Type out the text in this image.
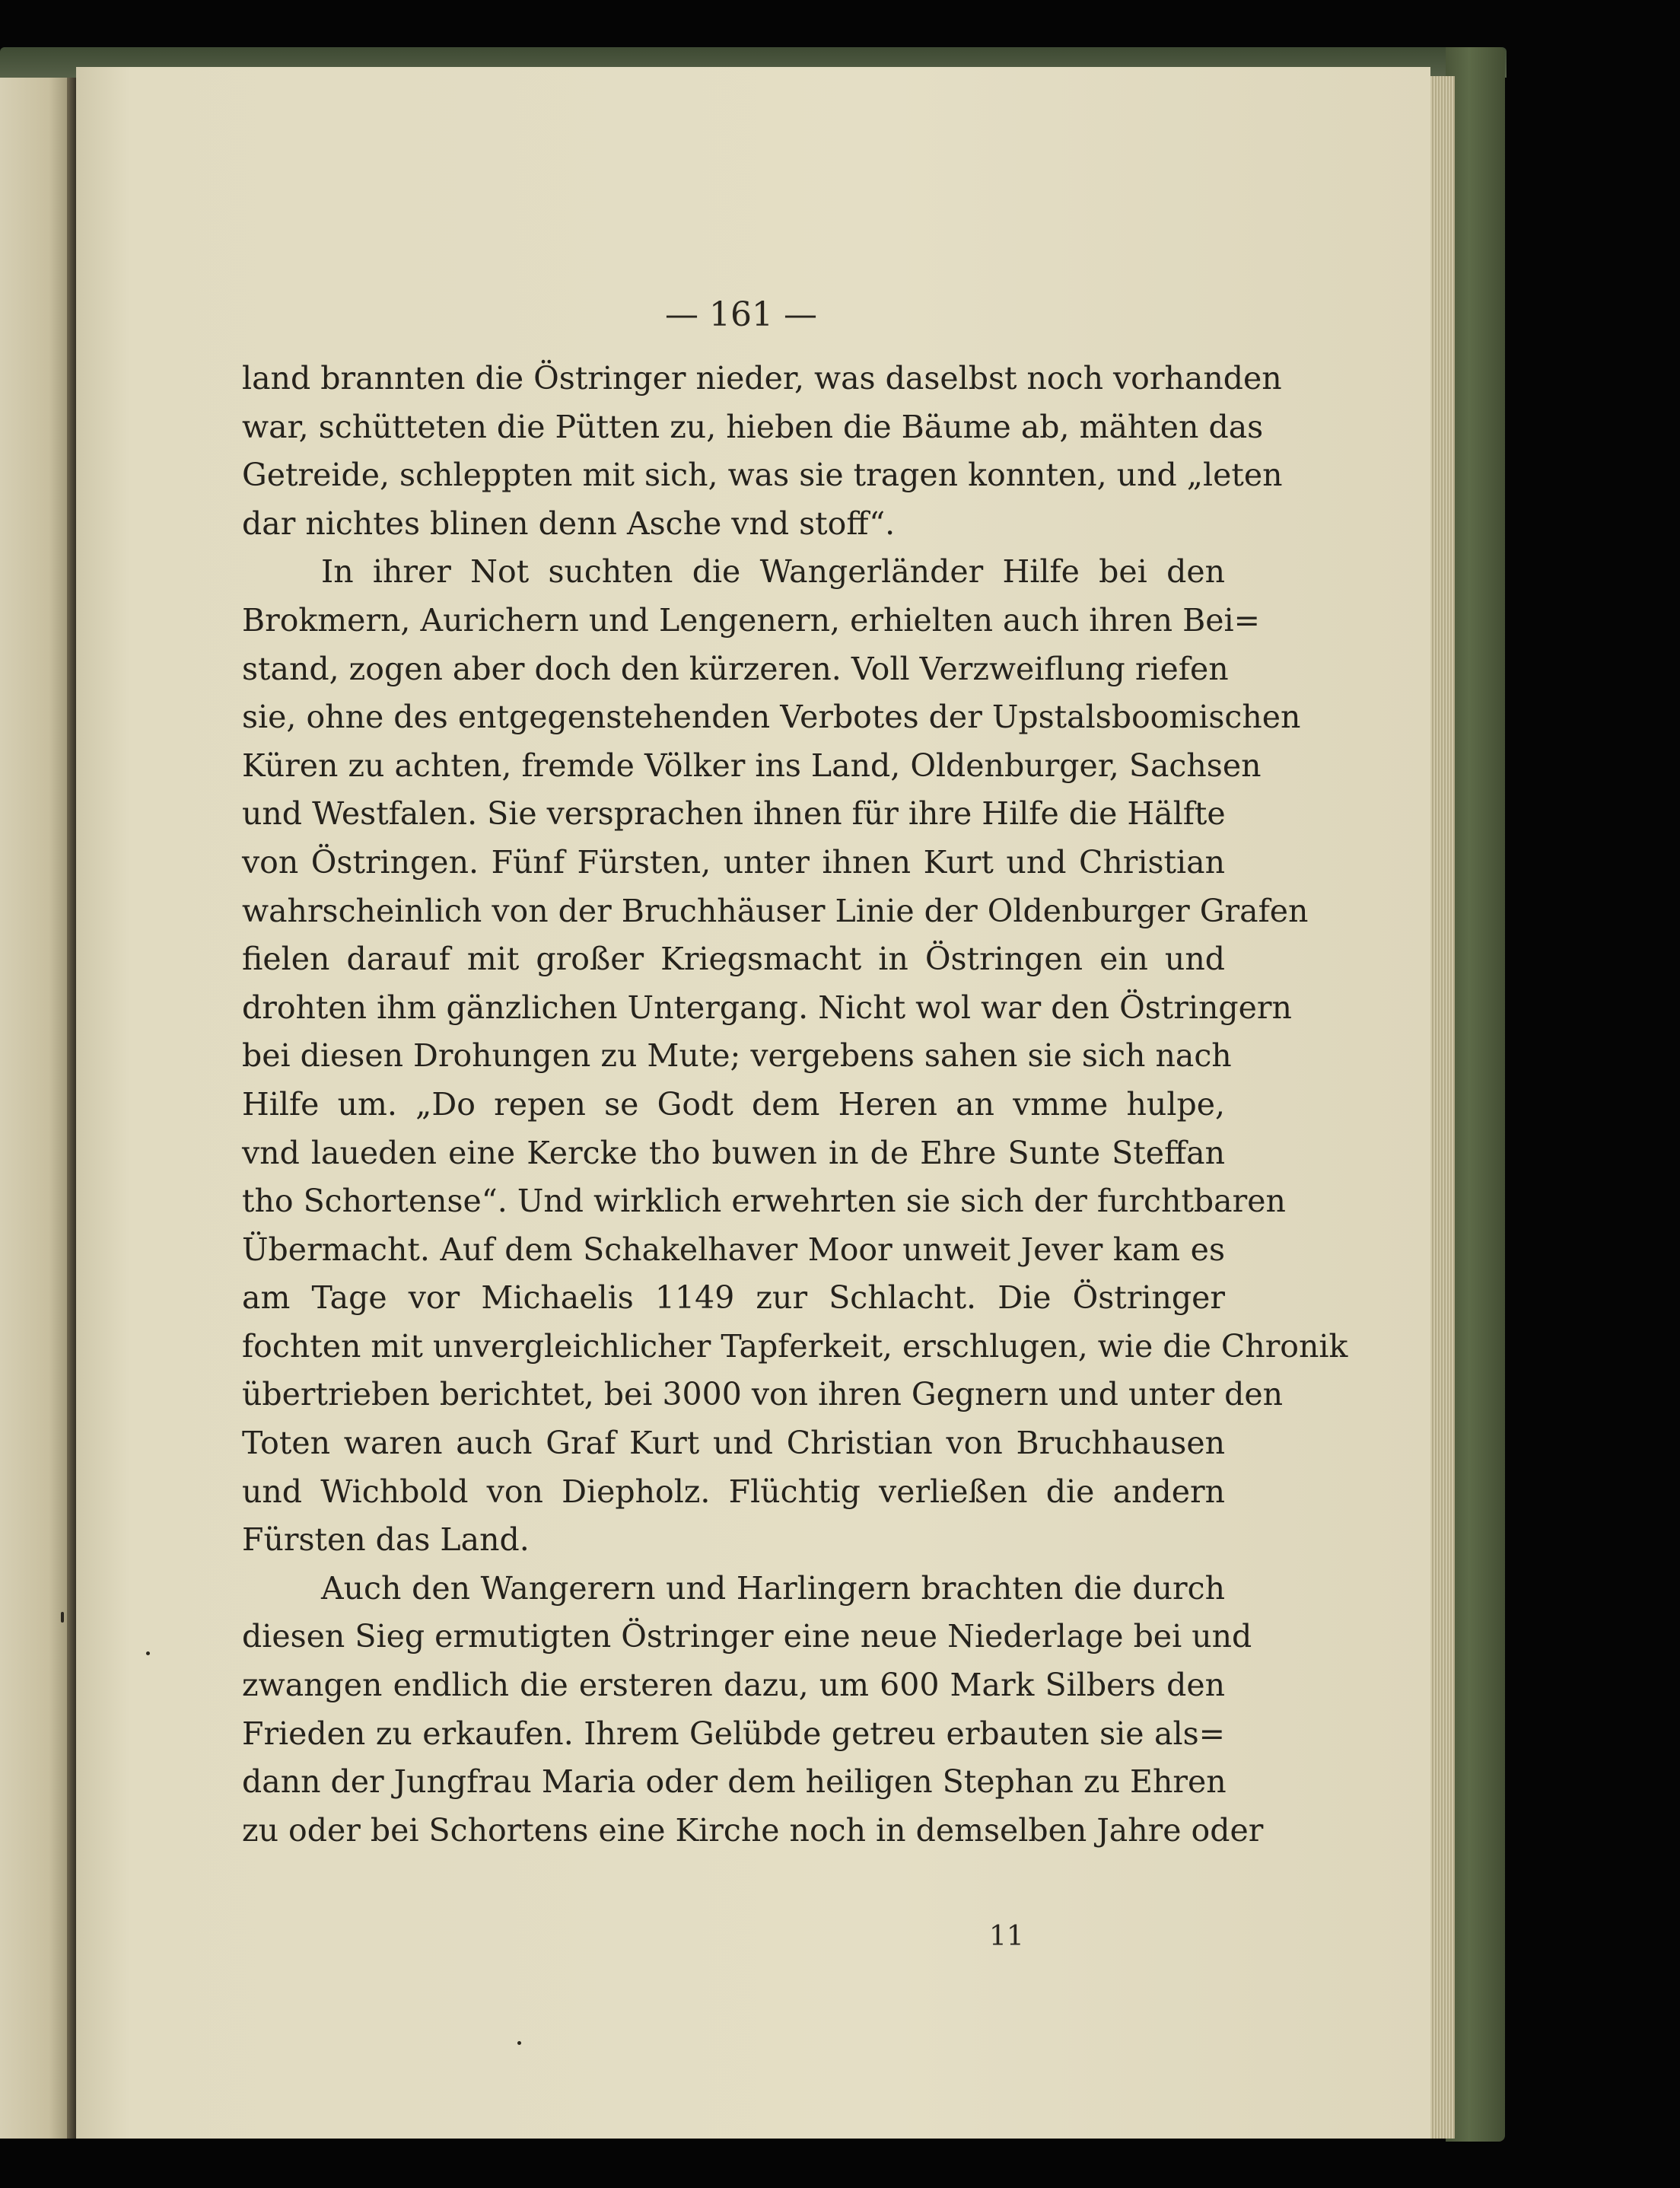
— 161 —
land brannten die Östringer nieder, was daselbst noch vorhanden
war, schütteten die Pütten zu, hieben die Bäume ab, mähten das
Getreide, schleppten mit sich, was sie tragen konnten, und „leten
dar nichtes blinen denn Asche vnd stoff“.
In ihrer Not suchten die Wangerländer Hilfe bei den
Brokmern, Aurichern und Lengenern, erhielten auch ihren Bei=
stand, zogen aber doch den kürzeren. Voll Verzweiflung riefen
sie, ohne des entgegenstehenden Verbotes der Upstalsboomischen
Küren zu achten, fremde Völker ins Land, Oldenburger, Sachsen
und Westfalen. Sie versprachen ihnen für ihre Hilfe die Hälfte
von Östringen. Fünf Fürsten, unter ihnen Kurt und Christian
wahrscheinlich von der Bruchhäuser Linie der Oldenburger Grafen
fielen darauf mit großer Kriegsmacht in Östringen ein und
drohten ihm gänzlichen Untergang. Nicht wol war den Östringern
bei diesen Drohungen zu Mute; vergebens sahen sie sich nach
Hilfe um. „Do repen se Godt dem Heren an vmme hulpe,
vnd laueden eine Kercke tho buwen in de Ehre Sunte Steffan
tho Schortense“. Und wirklich erwehrten sie sich der furchtbaren
Übermacht. Auf dem Schakelhaver Moor unweit Jever kam es
am Tage vor Michaelis 1149 zur Schlacht. Die Östringer
fochten mit unvergleichlicher Tapferkeit, erschlugen, wie die Chronik
übertrieben berichtet, bei 3000 von ihren Gegnern und unter den
Toten waren auch Graf Kurt und Christian von Bruchhausen
und Wichbold von Diepholz. Flüchtig verließen die andern
Fürsten das Land.
Auch den Wangerern und Harlingern brachten die durch
diesen Sieg ermutigten Östringer eine neue Niederlage bei und
zwangen endlich die ersteren dazu, um 600 Mark Silbers den
Frieden zu erkaufen. Ihrem Gelübde getreu erbauten sie als=
dann der Jungfrau Maria oder dem heiligen Stephan zu Ehren
zu oder bei Schortens eine Kirche noch in demselben Jahre oder
11
